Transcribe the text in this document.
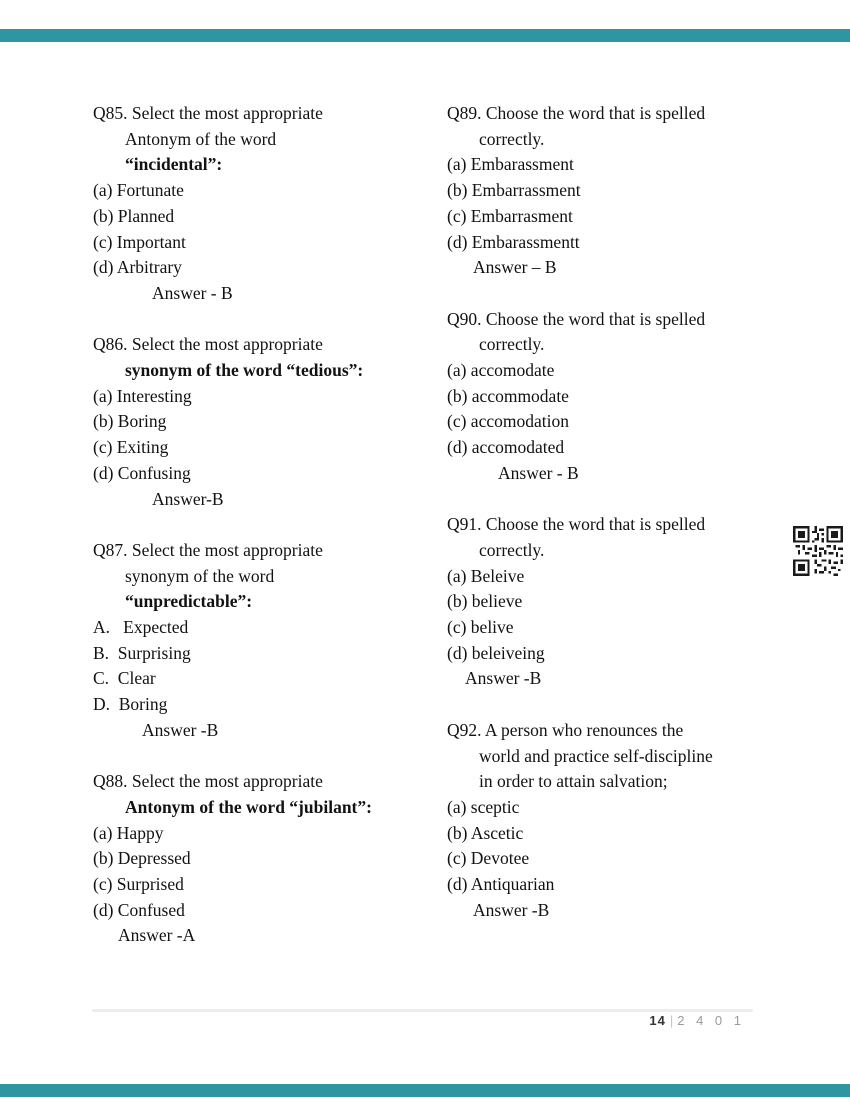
Q85. Select the most appropriate
Antonym of the word
“incidental”:
(a) Fortunate
(b) Planned
(c) Important
(d) Arbitrary
Answer - B
Q86. Select the most appropriate
synonym of the word “tedious”:
(a) Interesting
(b) Boring
(c) Exiting
(d) Confusing
Answer-B
Q87. Select the most appropriate
synonym of the word
“unpredictable”:
A.   Expected
B.  Surprising
C.  Clear
D.  Boring
Answer -B
Q88. Select the most appropriate
Antonym of the word “jubilant”:
(a) Happy
(b) Depressed
(c) Surprised
(d) Confused
Answer -A
Q89. Choose the word that is spelled
correctly.
(a) Embarassment
(b) Embarrassment
(c) Embarrasment
(d) Embarassmentt
Answer – B
Q90. Choose the word that is spelled
correctly.
(a) accomodate
(b) accommodate
(c) accomodation
(d) accomodated
Answer - B
Q91. Choose the word that is spelled
correctly.
(a) Beleive
(b) believe
(c) belive
(d) beleiveing
Answer -B
Q92. A person who renounces the
world and practice self-discipline
in order to attain salvation;
(a) sceptic
(b) Ascetic
(c) Devotee
(d) Antiquarian
Answer -B
14 | 2 4 0 1
